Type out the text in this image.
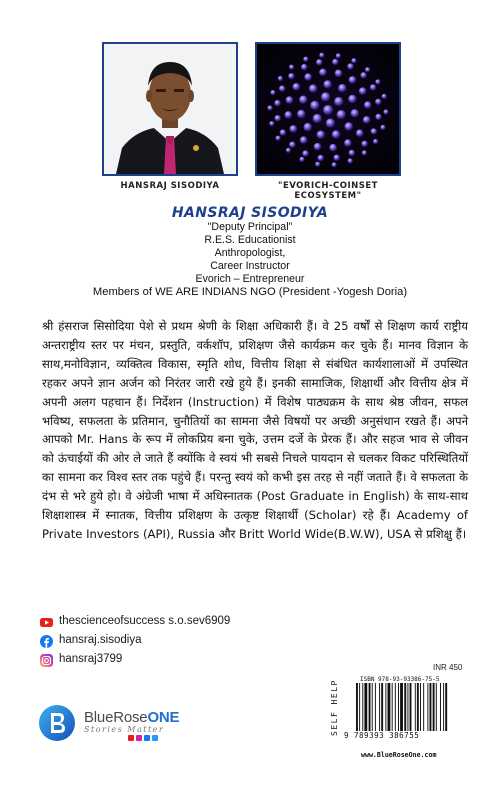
HANSRAJ SISODIYA	"EVORICH-COINSET ECOSYSTEM"
HANSRAJ SISODIYA
"Deputy Principal"
R.E.S. Educationist
Anthropologist,
Career Instructor
Evorich – Entrepreneur
Members of WE ARE INDIANS NGO (President -Yogesh Doria)
श्री हंसराज सिसोदिया पेशे से प्रथम श्रेणी के शिक्षा अधिकारी हैं। वे 25 वर्षों से शिक्षण कार्य राष्ट्रीय अन्तराष्ट्रीय स्तर पर मंचन, प्रस्तुति, वर्कशॉप, प्रशिक्षण जैसे कार्यक्रम कर चुके हैं। मानव विज्ञान के साथ,मनोविज्ञान, व्यक्तित्व विकास, स्मृति शोध, वित्तीय शिक्षा से संबंधित कार्यशालाओं में उपस्थित रहकर अपने ज्ञान अर्जन को निरंतर जारी रखे हुये हैं। इनकी सामाजिक, शिक्षार्थी और वित्तीय क्षेत्र में अपनी अलग पहचान हैं। निर्देशन (Instruction) में विशेष पाठ्यक्रम के साथ श्रेष्ठ जीवन, सफल भविष्य, सफलता के प्रतिमान, चुनौतियों का सामना जैसे विषयों पर अच्छी अनुसंधान रखते हैं। अपने आपको Mr. Hans के रूप में लोकप्रिय बना चुके, उत्तम दर्जे के प्रेरक हैं। और सहज भाव से जीवन को ऊंचाईयों की ओर ले जाते हैं क्योंकि वे स्वयं भी सबसे निचले पायदान से चलकर विकट परिस्थितियों का सामना कर विश्व स्तर तक पहुंचे हैं। परन्तु स्वयं को कभी इस तरह से नहीं जताते हैं। वे सफलता के दंभ से भरे हुये हो। वे अंग्रेजी भाषा में अधिस्नातक (Post Graduate in English) के साथ-साथ शिक्षाशास्त्र में स्नातक, वित्तीय प्रशिक्षण के उत्कृष्ट शिक्षार्थी (Scholar) रहे हैं। Academy of Private Investors (API), Russia और Britt World Wide(B.W.W), USA से प्रशिक्षु हैं।
thescienceofsuccess s.o.sev6909
hansraj.sisodiya
hansraj3799
INR 450
BlueRoseONE
Stories Matter	SELF HELP	ISBN 978-93-93386-75-5
9 789393 386755
www.BlueRoseOne.com
